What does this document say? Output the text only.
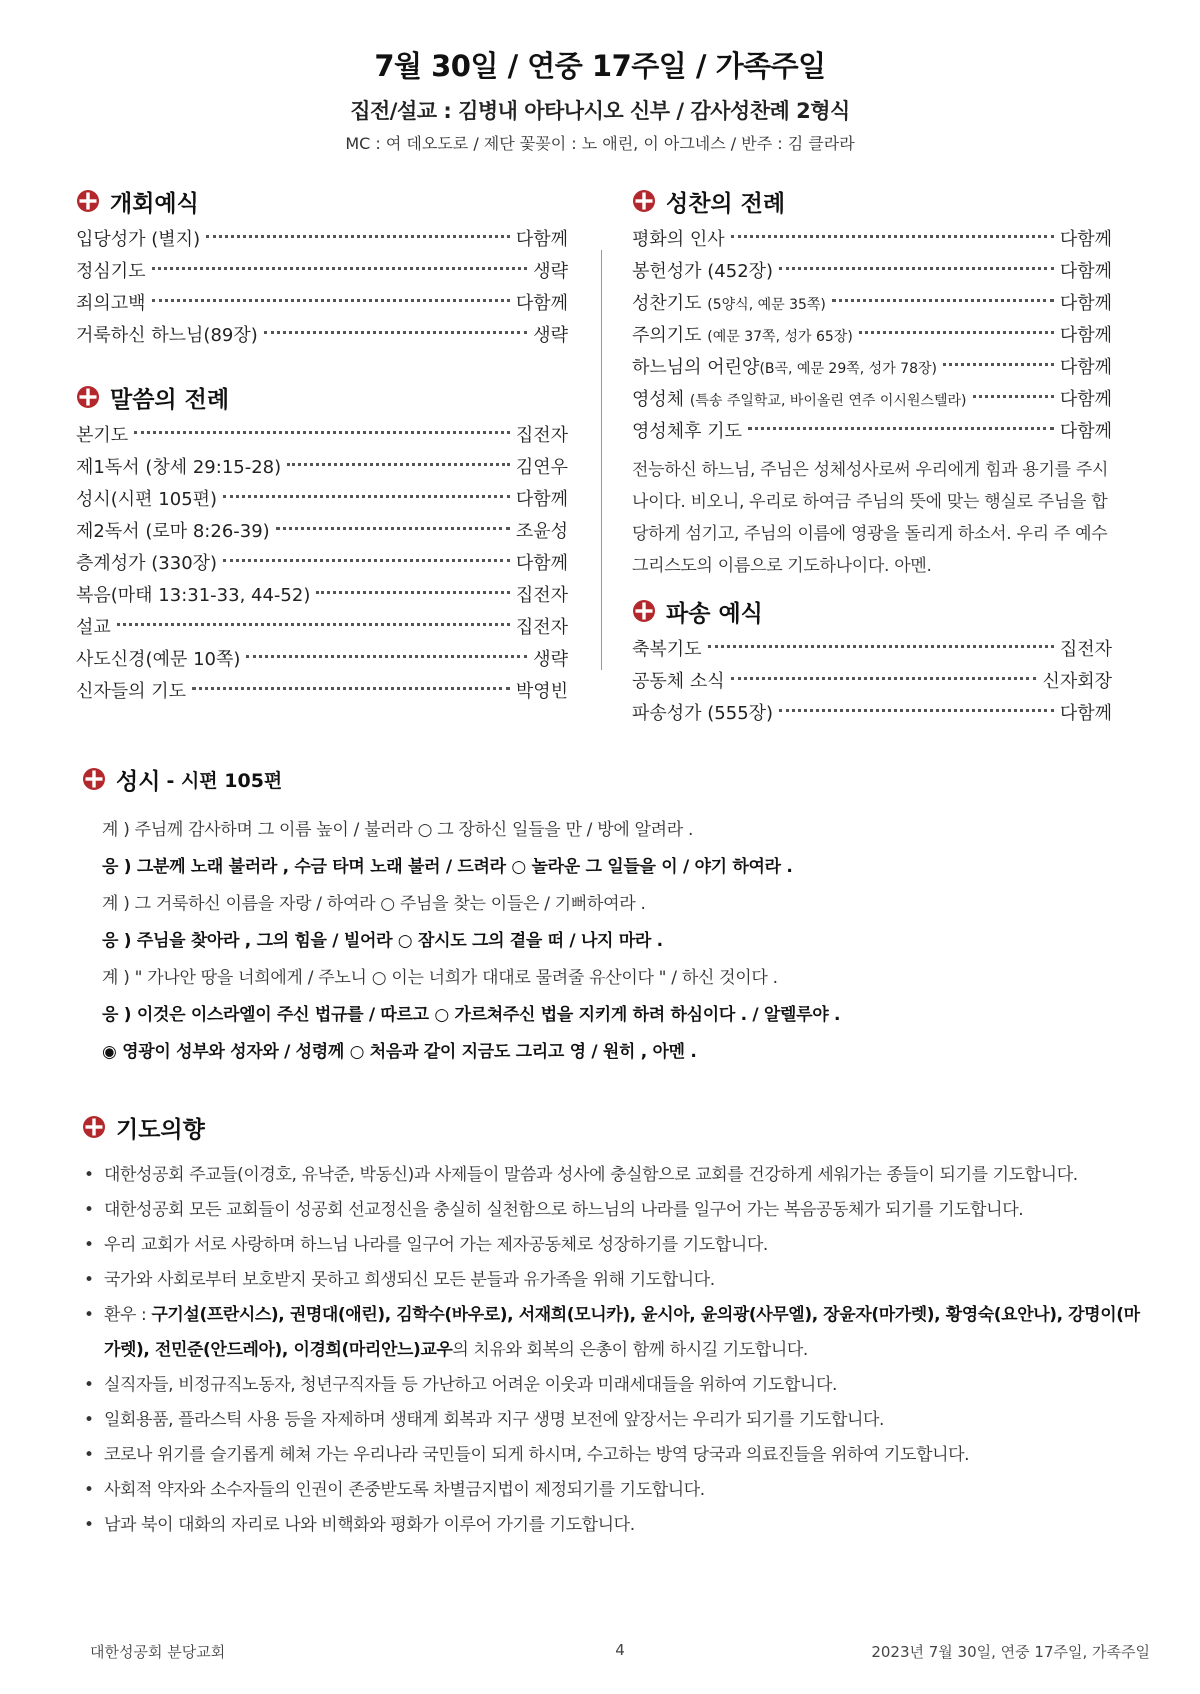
7월 30일 / 연중 17주일 / 가족주일
집전/설교 : 김병내 아타나시오 신부 / 감사성찬례 2형식
MC : 여 데오도로 / 제단 꽃꽂이 : 노 애린, 이 아그네스 / 반주 : 김 클라라
개회예식
입당성가 (별지)	다함께
정심기도	생략
죄의고백	다함께
거룩하신 하느님(89장)	생략
말씀의 전례
본기도	집전자
제1독서 (창세 29:15-28)	김연우
성시(시편 105편)	다함께
제2독서 (로마 8:26-39)	조윤성
층계성가 (330장)	다함께
복음(마태 13:31-33, 44-52)	집전자
설교	집전자
사도신경(예문 10쪽)	생략
신자들의 기도	박영빈
성찬의 전례
평화의 인사	다함께
봉헌성가 (452장)	다함께
성찬기도 (5양식, 예문 35쪽)	다함께
주의기도 (예문 37쪽, 성가 65장)	다함께
하느님의 어린양(B곡, 예문 29쪽, 성가 78장)	다함께
영성체 (특송 주일학교, 바이올린 연주 이시원스텔라)	다함께
영성체후 기도	다함께

전능하신 하느님, 주님은 성체성사로써 우리에게 힘과 용기를 주시나이다. 비오니, 우리로 하여금 주님의 뜻에 맞는 행실로 주님을 합당하게 섬기고, 주님의 이름에 영광을 돌리게 하소서. 우리 주 예수 그리스도의 이름으로 기도하나이다. 아멘.

파송 예식
축복기도	집전자
공동체 소식	신자회장
파송성가 (555장)	다함께
성시 - 시편 105편
계 ) 주님께 감사하며 그 이름 높이 / 불러라 ○ 그 장하신 일들을 만 / 방에 알려라 .
응 ) 그분께 노래 불러라 , 수금 타며 노래 불러 / 드려라 ○ 놀라운 그 일들을 이 / 야기 하여라 .
계 ) 그 거룩하신 이름을 자랑 / 하여라 ○ 주님을 찾는 이들은 / 기뻐하여라 .
응 ) 주님을 찾아라 , 그의 힘을 / 빌어라 ○ 잠시도 그의 곁을 떠 / 나지 마라 .
계 ) " 가나안 땅을 너희에게 / 주노니 ○ 이는 너희가 대대로 물려줄 유산이다 " / 하신 것이다 .
응 ) 이것은 이스라엘이 주신 법규를 / 따르고 ○ 가르쳐주신 법을 지키게 하려 하심이다 . / 알렐루야 .
◉ 영광이 성부와 성자와 / 성령께 ○ 처음과 같이 지금도 그리고 영 / 원히 , 아멘 .
기도의향
• 대한성공회 주교들(이경호, 유낙준, 박동신)과 사제들이 말씀과 성사에 충실함으로 교회를 건강하게 세워가는 종들이 되기를 기도합니다.
• 대한성공회 모든 교회들이 성공회 선교정신을 충실히 실천함으로 하느님의 나라를 일구어 가는 복음공동체가 되기를 기도합니다.
• 우리 교회가 서로 사랑하며 하느님 나라를 일구어 가는 제자공동체로 성장하기를 기도합니다.
• 국가와 사회로부터 보호받지 못하고 희생되신 모든 분들과 유가족을 위해 기도합니다.
• 환우 : 구기설(프란시스), 권명대(애린), 김학수(바우로), 서재희(모니카), 윤시아, 윤의광(사무엘), 장윤자(마가렛), 황영숙(요안나), 강명이(마가렛), 전민준(안드레아), 이경희(마리안느)교우의 치유와 회복의 은총이 함께 하시길 기도합니다.
• 실직자들, 비정규직노동자, 청년구직자들 등 가난하고 어려운 이웃과 미래세대들을 위하여 기도합니다.
• 일회용품, 플라스틱 사용 등을 자제하며 생태계 회복과 지구 생명 보전에 앞장서는 우리가 되기를 기도합니다.
• 코로나 위기를 슬기롭게 헤쳐 가는 우리나라 국민들이 되게 하시며, 수고하는 방역 당국과 의료진들을 위하여 기도합니다.
• 사회적 약자와 소수자들의 인권이 존중받도록 차별금지법이 제정되기를 기도합니다.
• 남과 북이 대화의 자리로 나와 비핵화와 평화가 이루어 가기를 기도합니다.
대한성공회 분당교회	4	2023년 7월 30일, 연중 17주일, 가족주일
